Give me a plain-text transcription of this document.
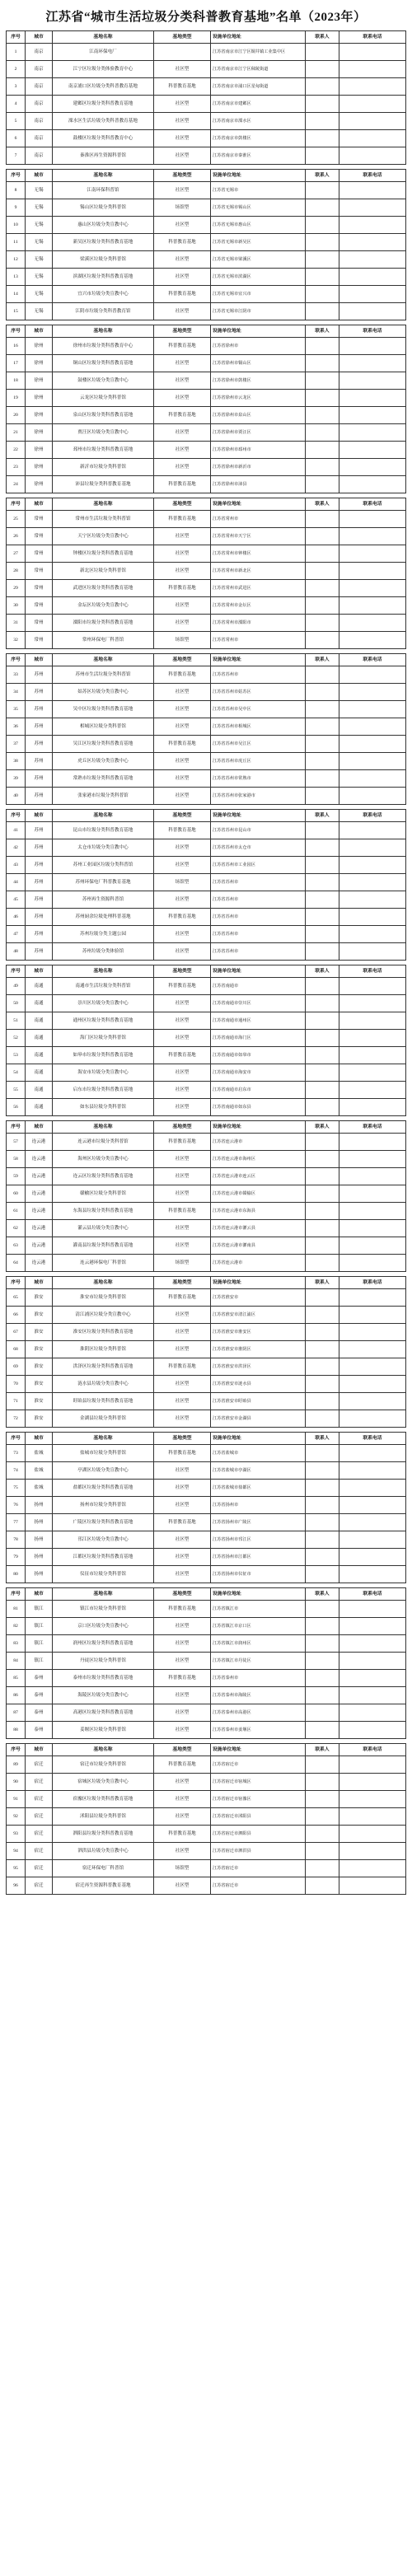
江苏省“城市生活垃圾分类科普教育基地”名单（2023年）
序号	城市	基地名称	基地类型	设施单位地址	联系人	联系电话
1	南京	江南环保电厂		江苏省南京市江宁区铜井镇工业集中区		
2	南京	江宁区垃圾分类体验教育中心	社区型	江苏省南京市江宁区秣陵街道		
3	南京	南京浦口区垃圾分类科普教育基地	科普教育基地	江苏省南京市浦口区星甸街道		
4	南京	建邺区垃圾分类科普教育基地	社区型	江苏省南京市建邺区		
5	南京	溧水区生活垃圾分类科普教育基地	社区型	江苏省南京市溧水区		
6	南京	鼓楼区垃圾分类科普教育中心	社区型	江苏省南京市鼓楼区		
7	南京	秦淮区再生资源科普馆	社区型	江苏省南京市秦淮区		
序号	城市	基地名称	基地类型	设施单位地址	联系人	联系电话
8	无锡	江南环保科普馆	社区型	江苏省无锡市		
9	无锡	锡山区垃圾分类科普馆	场馆型	江苏省无锡市锡山区		
10	无锡	惠山区垃圾分类宣教中心	社区型	江苏省无锡市惠山区		
11	无锡	新吴区垃圾分类科普教育基地	科普教育基地	江苏省无锡市新吴区		
12	无锡	梁溪区垃圾分类科普馆	社区型	江苏省无锡市梁溪区		
13	无锡	滨湖区垃圾分类科普教育基地	社区型	江苏省无锡市滨湖区		
14	无锡	宜兴市垃圾分类宣教中心	科普教育基地	江苏省无锡市宜兴市		
15	无锡	江阴市垃圾分类科普教育馆	社区型	江苏省无锡市江阴市		
序号	城市	基地名称	基地类型	设施单位地址	联系人	联系电话
16	徐州	徐州市垃圾分类科普教育中心	科普教育基地	江苏省徐州市		
17	徐州	铜山区垃圾分类科普教育基地	社区型	江苏省徐州市铜山区		
18	徐州	鼓楼区垃圾分类宣教中心	社区型	江苏省徐州市鼓楼区		
19	徐州	云龙区垃圾分类科普馆	社区型	江苏省徐州市云龙区		
20	徐州	泉山区垃圾分类科普教育基地	科普教育基地	江苏省徐州市泉山区		
21	徐州	贾汪区垃圾分类宣教中心	社区型	江苏省徐州市贾汪区		
22	徐州	邳州市垃圾分类科普教育基地	社区型	江苏省徐州市邳州市		
23	徐州	新沂市垃圾分类科普馆	社区型	江苏省徐州市新沂市		
24	徐州	沛县垃圾分类科普教育基地	科普教育基地	江苏省徐州市沛县		
序号	城市	基地名称	基地类型	设施单位地址	联系人	联系电话
25	常州	常州市生活垃圾分类科普馆	科普教育基地	江苏省常州市		
26	常州	天宁区垃圾分类宣教中心	社区型	江苏省常州市天宁区		
27	常州	钟楼区垃圾分类科普教育基地	社区型	江苏省常州市钟楼区		
28	常州	新北区垃圾分类科普馆	社区型	江苏省常州市新北区		
29	常州	武进区垃圾分类科普教育基地	科普教育基地	江苏省常州市武进区		
30	常州	金坛区垃圾分类宣教中心	社区型	江苏省常州市金坛区		
31	常州	溧阳市垃圾分类科普教育基地	社区型	江苏省常州市溧阳市		
32	常州	常州环保电厂科普馆	场馆型	江苏省常州市		
序号	城市	基地名称	基地类型	设施单位地址	联系人	联系电话
33	苏州	苏州市生活垃圾分类科普馆	科普教育基地	江苏省苏州市		
34	苏州	姑苏区垃圾分类宣教中心	社区型	江苏省苏州市姑苏区		
35	苏州	吴中区垃圾分类科普教育基地	社区型	江苏省苏州市吴中区		
36	苏州	相城区垃圾分类科普馆	社区型	江苏省苏州市相城区		
37	苏州	吴江区垃圾分类科普教育基地	科普教育基地	江苏省苏州市吴江区		
38	苏州	虎丘区垃圾分类宣教中心	社区型	江苏省苏州市虎丘区		
39	苏州	常熟市垃圾分类科普教育基地	社区型	江苏省苏州市常熟市		
40	苏州	张家港市垃圾分类科普馆	社区型	江苏省苏州市张家港市		
序号	城市	基地名称	基地类型	设施单位地址	联系人	联系电话
41	苏州	昆山市垃圾分类科普教育基地	科普教育基地	江苏省苏州市昆山市		
42	苏州	太仓市垃圾分类宣教中心	社区型	江苏省苏州市太仓市		
43	苏州	苏州工业园区垃圾分类科普馆	社区型	江苏省苏州市工业园区		
44	苏州	苏州环保电厂科普教育基地	场馆型	江苏省苏州市		
45	苏州	苏州再生资源科普馆	社区型	江苏省苏州市		
46	苏州	苏州厨余垃圾处理科普基地	科普教育基地	江苏省苏州市		
47	苏州	苏州垃圾分类主题公园	社区型	江苏省苏州市		
48	苏州	苏州垃圾分类体验馆	社区型	江苏省苏州市		
序号	城市	基地名称	基地类型	设施单位地址	联系人	联系电话
49	南通	南通市生活垃圾分类科普馆	科普教育基地	江苏省南通市		
50	南通	崇川区垃圾分类宣教中心	社区型	江苏省南通市崇川区		
51	南通	通州区垃圾分类科普教育基地	社区型	江苏省南通市通州区		
52	南通	海门区垃圾分类科普馆	社区型	江苏省南通市海门区		
53	南通	如皋市垃圾分类科普教育基地	科普教育基地	江苏省南通市如皋市		
54	南通	海安市垃圾分类宣教中心	社区型	江苏省南通市海安市		
55	南通	启东市垃圾分类科普教育基地	社区型	江苏省南通市启东市		
56	南通	如东县垃圾分类科普馆	社区型	江苏省南通市如东县		
序号	城市	基地名称	基地类型	设施单位地址	联系人	联系电话
57	连云港	连云港市垃圾分类科普馆	科普教育基地	江苏省连云港市		
58	连云港	海州区垃圾分类宣教中心	社区型	江苏省连云港市海州区		
59	连云港	连云区垃圾分类科普教育基地	社区型	江苏省连云港市连云区		
60	连云港	赣榆区垃圾分类科普馆	社区型	江苏省连云港市赣榆区		
61	连云港	东海县垃圾分类科普教育基地	科普教育基地	江苏省连云港市东海县		
62	连云港	灌云县垃圾分类宣教中心	社区型	江苏省连云港市灌云县		
63	连云港	灌南县垃圾分类科普教育基地	社区型	江苏省连云港市灌南县		
64	连云港	连云港环保电厂科普馆	场馆型	江苏省连云港市		
序号	城市	基地名称	基地类型	设施单位地址	联系人	联系电话
65	淮安	淮安市垃圾分类科普馆	科普教育基地	江苏省淮安市		
66	淮安	清江浦区垃圾分类宣教中心	社区型	江苏省淮安市清江浦区		
67	淮安	淮安区垃圾分类科普教育基地	社区型	江苏省淮安市淮安区		
68	淮安	淮阴区垃圾分类科普馆	社区型	江苏省淮安市淮阴区		
69	淮安	洪泽区垃圾分类科普教育基地	科普教育基地	江苏省淮安市洪泽区		
70	淮安	涟水县垃圾分类宣教中心	社区型	江苏省淮安市涟水县		
71	淮安	盱眙县垃圾分类科普教育基地	社区型	江苏省淮安市盱眙县		
72	淮安	金湖县垃圾分类科普馆	社区型	江苏省淮安市金湖县		
序号	城市	基地名称	基地类型	设施单位地址	联系人	联系电话
73	盐城	盐城市垃圾分类科普馆	科普教育基地	江苏省盐城市		
74	盐城	亭湖区垃圾分类宣教中心	社区型	江苏省盐城市亭湖区		
75	盐城	盐都区垃圾分类科普教育基地	社区型	江苏省盐城市盐都区		
76	扬州	扬州市垃圾分类科普馆	社区型	江苏省扬州市		
77	扬州	广陵区垃圾分类科普教育基地	科普教育基地	江苏省扬州市广陵区		
78	扬州	邗江区垃圾分类宣教中心	社区型	江苏省扬州市邗江区		
79	扬州	江都区垃圾分类科普教育基地	社区型	江苏省扬州市江都区		
80	扬州	仪征市垃圾分类科普馆	社区型	江苏省扬州市仪征市		
序号	城市	基地名称	基地类型	设施单位地址	联系人	联系电话
81	镇江	镇江市垃圾分类科普馆	科普教育基地	江苏省镇江市		
82	镇江	京口区垃圾分类宣教中心	社区型	江苏省镇江市京口区		
83	镇江	润州区垃圾分类科普教育基地	社区型	江苏省镇江市润州区		
84	镇江	丹徒区垃圾分类科普馆	社区型	江苏省镇江市丹徒区		
85	泰州	泰州市垃圾分类科普教育基地	科普教育基地	江苏省泰州市		
86	泰州	海陵区垃圾分类宣教中心	社区型	江苏省泰州市海陵区		
87	泰州	高港区垃圾分类科普教育基地	社区型	江苏省泰州市高港区		
88	泰州	姜堰区垃圾分类科普馆	社区型	江苏省泰州市姜堰区		
序号	城市	基地名称	基地类型	设施单位地址	联系人	联系电话
89	宿迁	宿迁市垃圾分类科普馆	科普教育基地	江苏省宿迁市		
90	宿迁	宿城区垃圾分类宣教中心	社区型	江苏省宿迁市宿城区		
91	宿迁	宿豫区垃圾分类科普教育基地	社区型	江苏省宿迁市宿豫区		
92	宿迁	沭阳县垃圾分类科普馆	社区型	江苏省宿迁市沭阳县		
93	宿迁	泗阳县垃圾分类科普教育基地	科普教育基地	江苏省宿迁市泗阳县		
94	宿迁	泗洪县垃圾分类宣教中心	社区型	江苏省宿迁市泗洪县		
95	宿迁	宿迁环保电厂科普馆	场馆型	江苏省宿迁市		
96	宿迁	宿迁再生资源科普教育基地	社区型	江苏省宿迁市		
